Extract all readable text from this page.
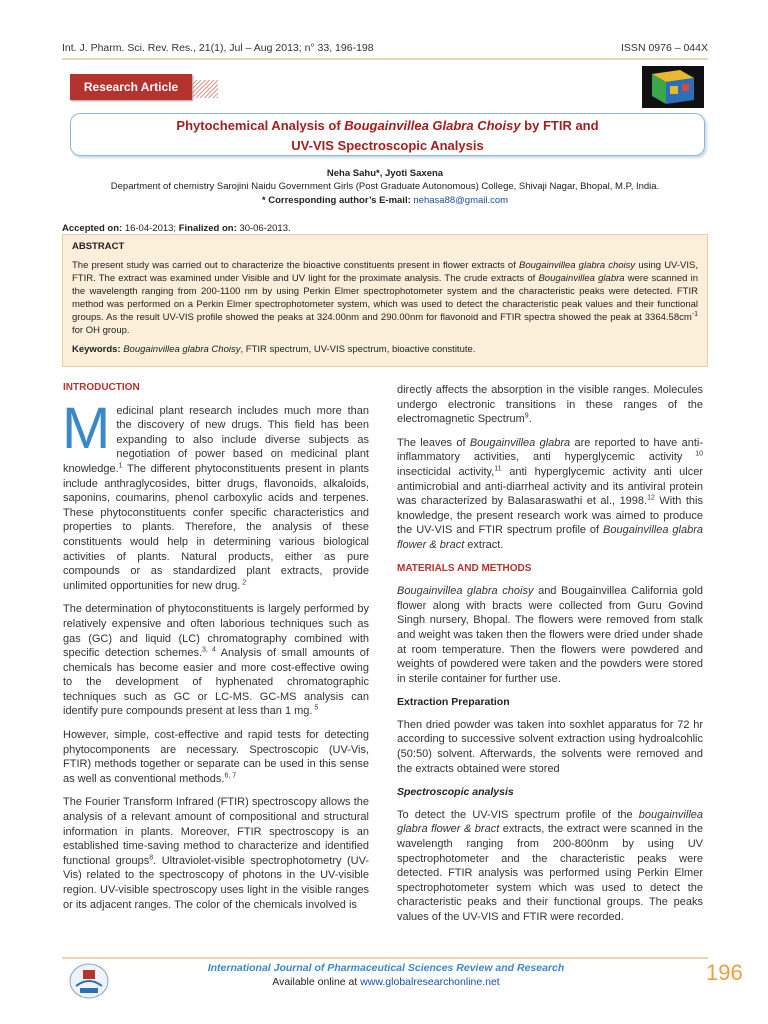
Int. J. Pharm. Sci. Rev. Res., 21(1), Jul – Aug 2013; n° 33, 196-198	ISSN 0976 – 044X
Research Article
Phytochemical Analysis of Bougainvillea Glabra Choisy by FTIR and
UV-VIS Spectroscopic Analysis
Neha Sahu*, Jyoti Saxena
Department of chemistry Sarojini Naidu Government Girls (Post Graduate Autonomous) College, Shivaji Nagar, Bhopal, M.P, India.
* Corresponding author’s E-mail: nehasa88@gmail.com
Accepted on: 16-04-2013; Finalized on: 30-06-2013.
ABSTRACT

The present study was carried out to characterize the bioactive constituents present in flower extracts of Bougainvillea glabra choisy using UV-VIS, FTIR. The extract was examined under Visible and UV light for the proximate analysis. The crude extracts of Bougainvillea glabra were scanned in the wavelength ranging from 200-1100 nm by using Perkin Elmer spectrophotometer system and the characteristic peaks were detected. FTIR method was performed on a Perkin Elmer spectrophotometer system, which was used to detect the characteristic peak values and their functional groups. As the result UV-VIS profile showed the peaks at 324.00nm and 290.00nm for flavonoid and FTIR spectra showed the peak at $3364.58cm^{-1}$ for OH group.

Keywords: Bougainvillea glabra Choisy, FTIR spectrum, UV-VIS spectrum, bioactive constitute.

INTRODUCTION

Medicinal plant research includes much more than the discovery of new drugs. This field has been expanding to also include diverse subjects as negotiation of power based on medicinal plant knowledge.$^1$ The different phytoconstituents present in plants include anthraglycosides, bitter drugs, flavonoids, alkaloids, saponins, coumarins, phenol carboxylic acids and terpenes. These phytoconstituents confer specific characteristics and properties to plants. Therefore, the analysis of these constituents would help in determining various biological activities of plants. Natural products, either as pure compounds or as standardized plant extracts, provide unlimited opportunities for new drug. $^2$

The determination of phytoconstituents is largely performed by relatively expensive and often laborious techniques such as gas (GC) and liquid (LC) chromatography combined with specific detection schemes.$^{3, 4}$ Analysis of small amounts of chemicals has become easier and more cost-effective owing to the development of hyphenated chromatographic techniques such as GC or LC-MS. GC-MS analysis can identify pure compounds present at less than 1 mg. $^5$

However, simple, cost-effective and rapid tests for detecting phytocomponents are necessary. Spectroscopic (UV-Vis, FTIR) methods together or separate can be used in this sense as well as conventional methods.$^{6, 7}$

The Fourier Transform Infrared (FTIR) spectroscopy allows the analysis of a relevant amount of compositional and structural information in plants. Moreover, FTIR spectroscopy is an established time-saving method to characterize and identified functional groups$^8$. Ultraviolet-visible spectrophotometry (UV-Vis) related to the spectroscopy of photons in the UV-visible region. UV-visible spectroscopy uses light in the visible ranges or its adjacent ranges. The color of the chemicals involved is

directly affects the absorption in the visible ranges. Molecules undergo electronic transitions in these ranges of the electromagnetic Spectrum$^9$.

The leaves of Bougainvillea glabra are reported to have anti- inflammatory activities, anti hyperglycemic activity $^{10}$ insecticidal activity,$^{11}$ anti hyperglycemic activity anti ulcer antimicrobial and anti-diarrheal activity and its antiviral protein was characterized by Balasaraswathi et al., 1998.12 With this knowledge, the present research work was aimed to produce the UV-VIS and FTIR spectrum profile of Bougainvillea glabra flower & bract extract.

MATERIALS AND METHODS

Bougainvillea glabra choisy and Bougainvillea California gold flower along with bracts were collected from Guru Govind Singh nursery, Bhopal. The flowers were removed from stalk and weight was taken then the flowers were dried under shade at room temperature. Then the flowers were powdered and weights of powdered were taken and the powders were stored in sterile container for further use.

Extraction Preparation

Then dried powder was taken into soxhlet apparatus for 72 hr according to successive solvent extraction using hydroalcohlic (50:50) solvent. Afterwards, the solvents were removed and the extracts obtained were stored

Spectroscopic analysis

To detect the UV-VIS spectrum profile of the bougainvillea glabra flower & bract extracts, the extract were scanned in the wavelength ranging from 200-800nm by using UV spectrophotometer and the characteristic peaks were detected. FTIR analysis was performed using Perkin Elmer spectrophotometer system which was used to detect the characteristic peaks and their functional groups. The peaks values of the UV-VIS and FTIR were recorded.

International Journal of Pharmaceutical Sciences Review and Research
Available online at www.globalresearchonline.net	196
